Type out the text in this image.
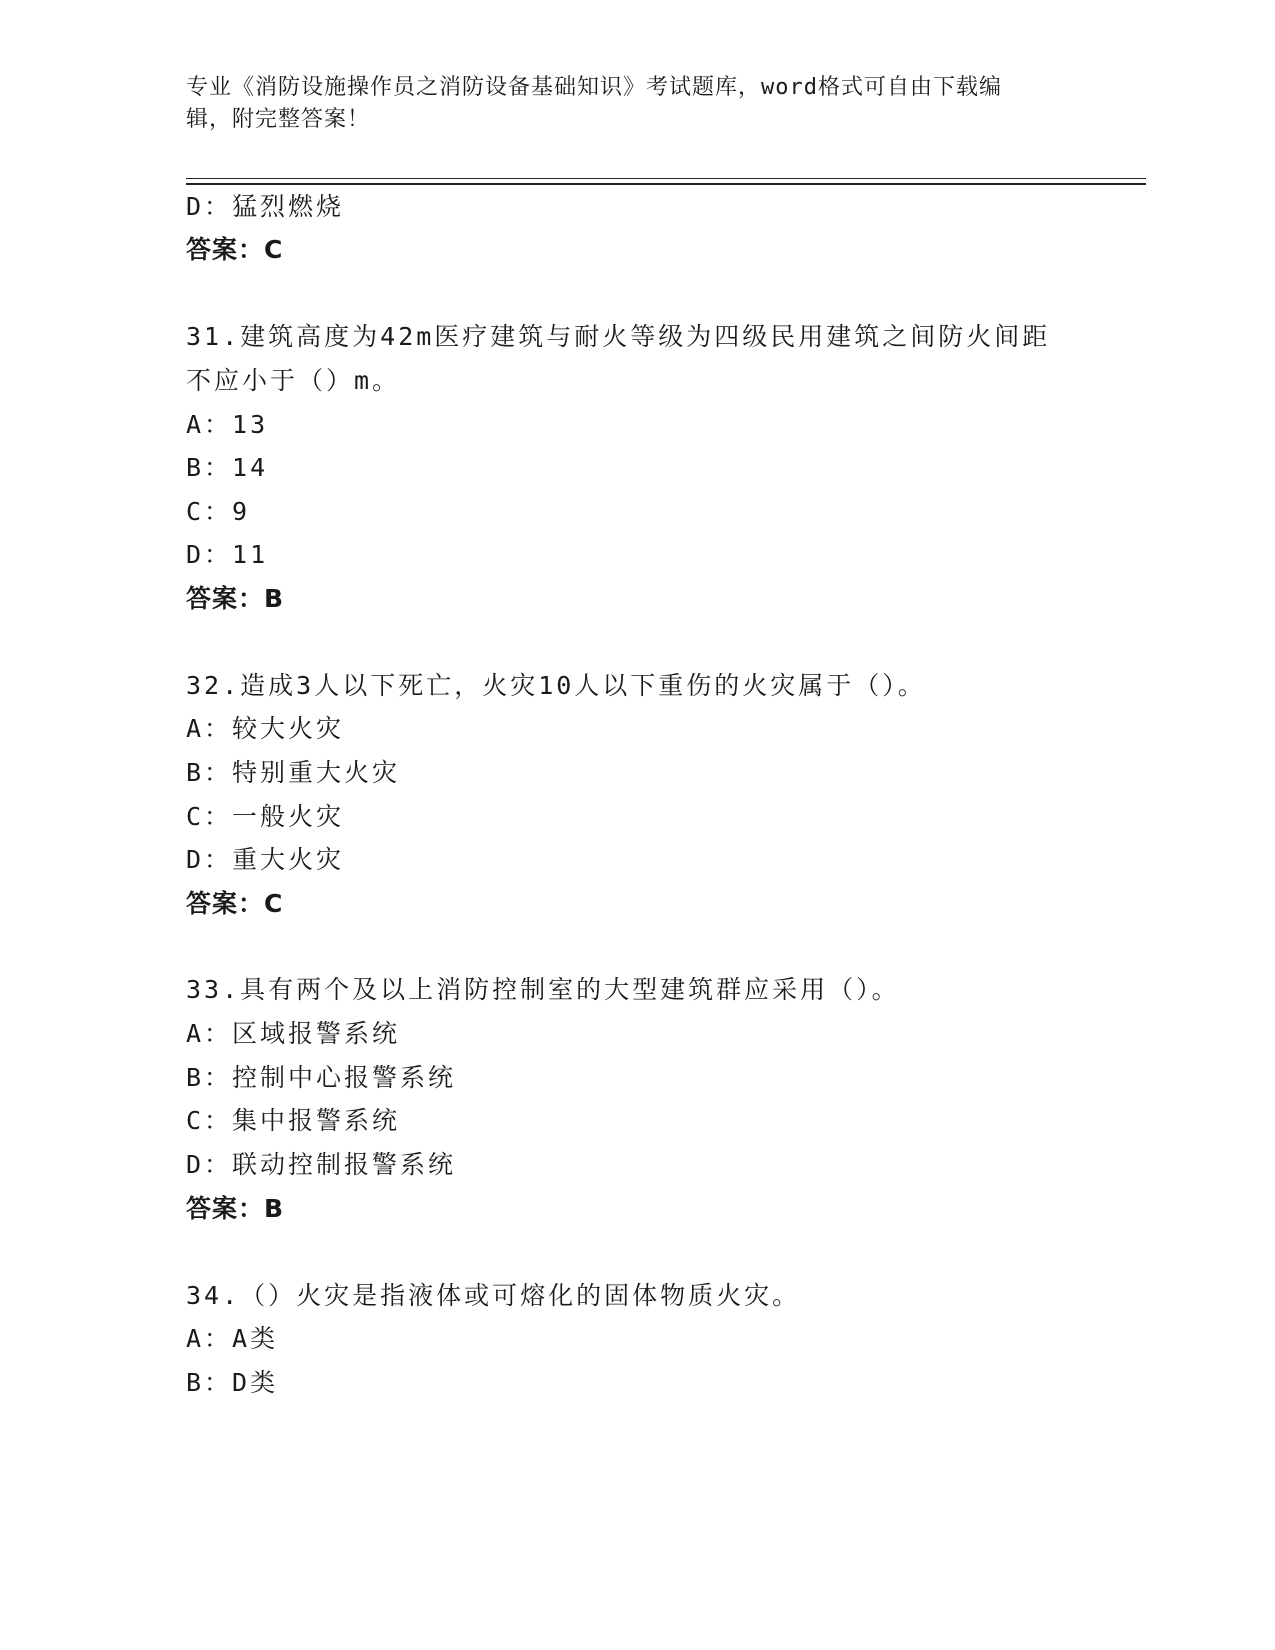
专业《消防设施操作员之消防设备基础知识》考试题库，word格式可自由下载编
辑，附完整答案！
D：猛烈燃烧
答案：C
31.建筑高度为42m医疗建筑与耐火等级为四级民用建筑之间防火间距
不应小于（）m。
A：13
B：14
C：9
D：11
答案：B
32.造成3人以下死亡，火灾10人以下重伤的火灾属于（）。
A：较大火灾
B：特别重大火灾
C：一般火灾
D：重大火灾
答案：C
33.具有两个及以上消防控制室的大型建筑群应采用（）。
A：区域报警系统
B：控制中心报警系统
C：集中报警系统
D：联动控制报警系统
答案：B
34.（）火灾是指液体或可熔化的固体物质火灾。
A：A类
B：D类
